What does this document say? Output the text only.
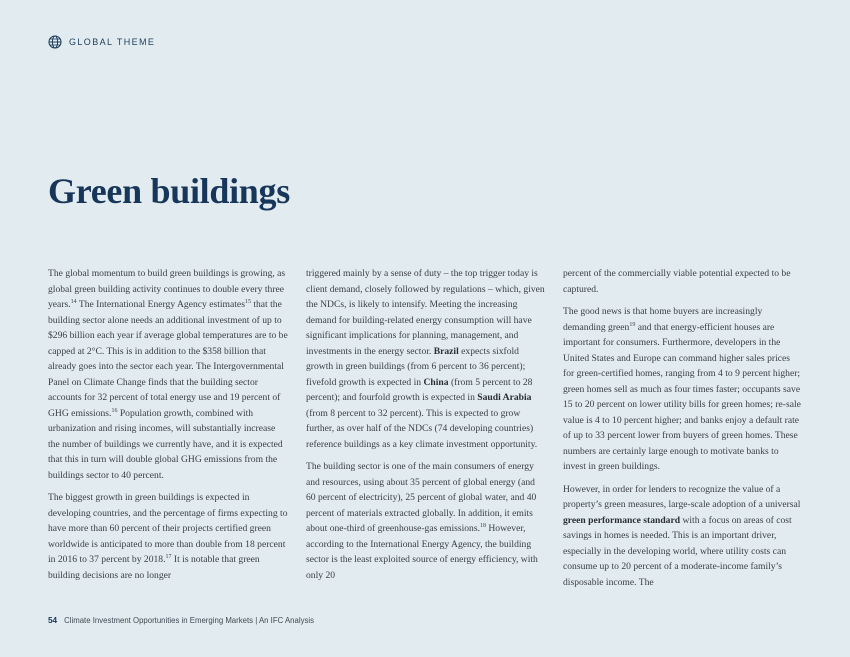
GLOBAL THEME
Green buildings

The global momentum to build green buildings is growing, as global green building activity continues to double every three years.$^{14}$ The International Energy Agency estimates$^{15}$ that the building sector alone needs an additional investment of up to $296 billion each year if average global temperatures are to be capped at 2°C. This is in addition to the $358 billion that already goes into the sector each year. The Intergovernmental Panel on Climate Change finds that the building sector accounts for 32 percent of total energy use and 19 percent of GHG emissions.$^{16}$ Population growth, combined with urbanization and rising incomes, will substantially increase the number of buildings we currently have, and it is expected that this in turn will double global GHG emissions from the buildings sector to 40 percent.

The biggest growth in green buildings is expected in developing countries, and the percentage of firms expecting to have more than 60 percent of their projects certified green worldwide is anticipated to more than double from 18 percent in 2016 to 37 percent by 2018.17 It is notable that green building decisions are no longer

triggered mainly by a sense of duty – the top trigger today is client demand, closely followed by regulations – which, given the NDCs, is likely to intensify. Meeting the increasing demand for building-related energy consumption will have significant implications for planning, management, and investments in the energy sector. Brazil expects sixfold growth in green buildings (from 6 percent to 36 percent); fivefold growth is expected in China (from 5 percent to 28 percent); and fourfold growth is expected in Saudi Arabia (from 8 percent to 32 percent). This is expected to grow further, as over half of the NDCs (74 developing countries) reference buildings as a key climate investment opportunity.

The building sector is one of the main consumers of energy and resources, using about 35 percent of global energy (and 60 percent of electricity), 25 percent of global water, and 40 percent of materials extracted globally. In addition, it emits about one-third of greenhouse-gas emissions.$^{18}$ However, according to the International Energy Agency, the building sector is the least exploited source of energy efficiency, with only 20

percent of the commercially viable potential expected to be captured.

The good news is that home buyers are increasingly demanding green$^{19}$ and that energy-efficient houses are important for consumers. Furthermore, developers in the United States and Europe can command higher sales prices for green-certified homes, ranging from 4 to 9 percent higher; green homes sell as much as four times faster; occupants save 15 to 20 percent on lower utility bills for green homes; re-sale value is 4 to 10 percent higher; and banks enjoy a default rate of up to 33 percent lower from buyers of green homes. These numbers are certainly large enough to motivate banks to invest in green buildings.

However, in order for lenders to recognize the value of a property’s green measures, large-scale adoption of a universal green performance standard with a focus on areas of cost savings in homes is needed. This is an important driver, especially in the developing world, where utility costs can consume up to 20 percent of a moderate-income family’s disposable income. The

54 Climate Investment Opportunities in Emerging Markets | An IFC Analysis
